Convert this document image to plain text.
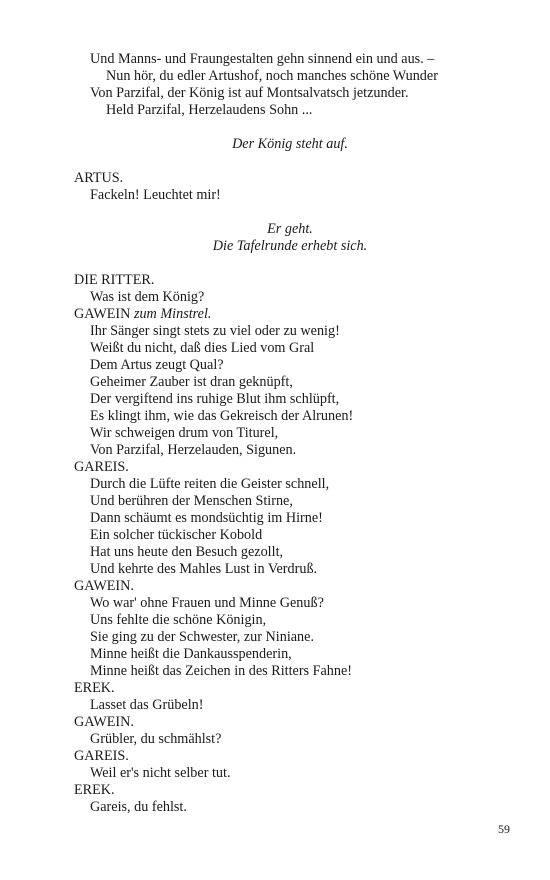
Und Manns- und Fraungestalten gehn sinnend ein und aus. –
Nun hör, du edler Artushof, noch manches schöne Wunder
Von Parzifal, der König ist auf Montsalvatsch jetzunder.
Held Parzifal, Herzelaudens Sohn ...
Der König steht auf.
ARTUS.
Fackeln! Leuchtet mir!
Er geht.
Die Tafelrunde erhebt sich.
DIE RITTER.
Was ist dem König?
GAWEIN zum Minstrel.
Ihr Sänger singt stets zu viel oder zu wenig!
Weißt du nicht, daß dies Lied vom Gral
Dem Artus zeugt Qual?
Geheimer Zauber ist dran geknüpft,
Der vergiftend ins ruhige Blut ihm schlüpft,
Es klingt ihm, wie das Gekreisch der Alrunen!
Wir schweigen drum von Titurel,
Von Parzifal, Herzelauden, Sigunen.
GAREIS.
Durch die Lüfte reiten die Geister schnell,
Und berühren der Menschen Stirne,
Dann schäumt es mondsüchtig im Hirne!
Ein solcher tückischer Kobold
Hat uns heute den Besuch gezollt,
Und kehrte des Mahles Lust in Verdruß.
GAWEIN.
Wo war' ohne Frauen und Minne Genuß?
Uns fehlte die schöne Königin,
Sie ging zu der Schwester, zur Niniane.
Minne heißt die Dankausspenderin,
Minne heißt das Zeichen in des Ritters Fahne!
EREK.
Lasset das Grübeln!
GAWEIN.
Grübler, du schmählst?
GAREIS.
Weil er's nicht selber tut.
EREK.
Gareis, du fehlst.
59
